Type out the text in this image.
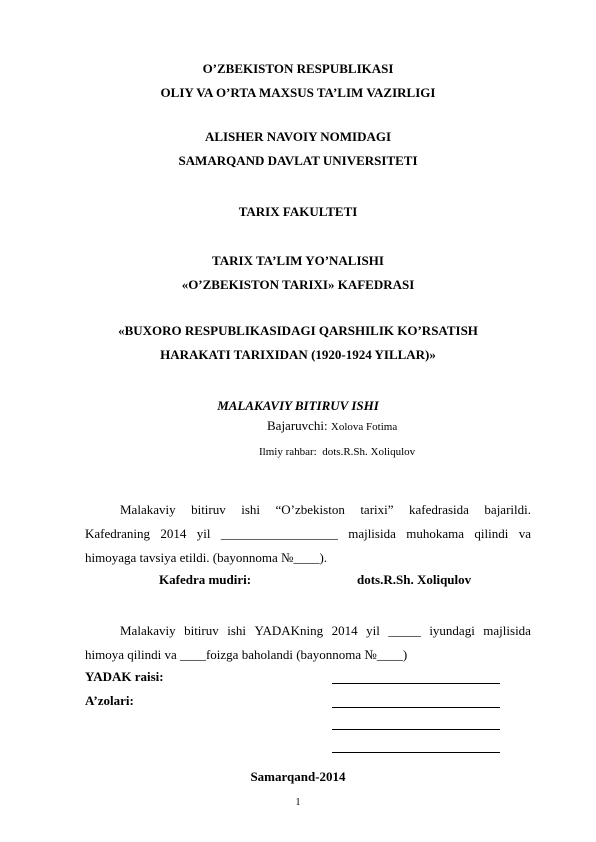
O’ZBEKISTON RESPUBLIKASI
OLIY VA O’RTA MAXSUS TA’LIM VAZIRLIGI
ALISHER NAVOIY NOMIDAGI
SAMARQAND DAVLAT UNIVERSITETI
TARIX FAKULTETI
TARIX TA’LIM YO’NALISHI
«O’ZBEKISTON TARIXI» KAFEDRASI
«BUXORO RESPUBLIKASIDAGI QARSHILIK KO’RSATISH
HARAKATI TARIXIDAN (1920-1924 YILLAR)»
MALAKAVIY BITIRUV ISHI
Bajaruvchi: Xolova Fotima
Ilmiy rahbar: dots.R.Sh. Xoliqulov
Malakaviy bitiruv ishi “O’zbekiston tarixi” kafedrasida bajarildi.
Kafedraning 2014 yil __________________ majlisida muhokama qilindi va
himoyaga tavsiya etildi. (bayonnoma №____).
Kafedra mudiri:	dots.R.Sh. Xoliqulov
Malakaviy bitiruv ishi YADAKning 2014 yil _____ iyundagi majlisida
himoya qilindi va ____foizga baholandi (bayonnoma №____)
YADAK raisi:
A’zolari:
Samarqand-2014
1
